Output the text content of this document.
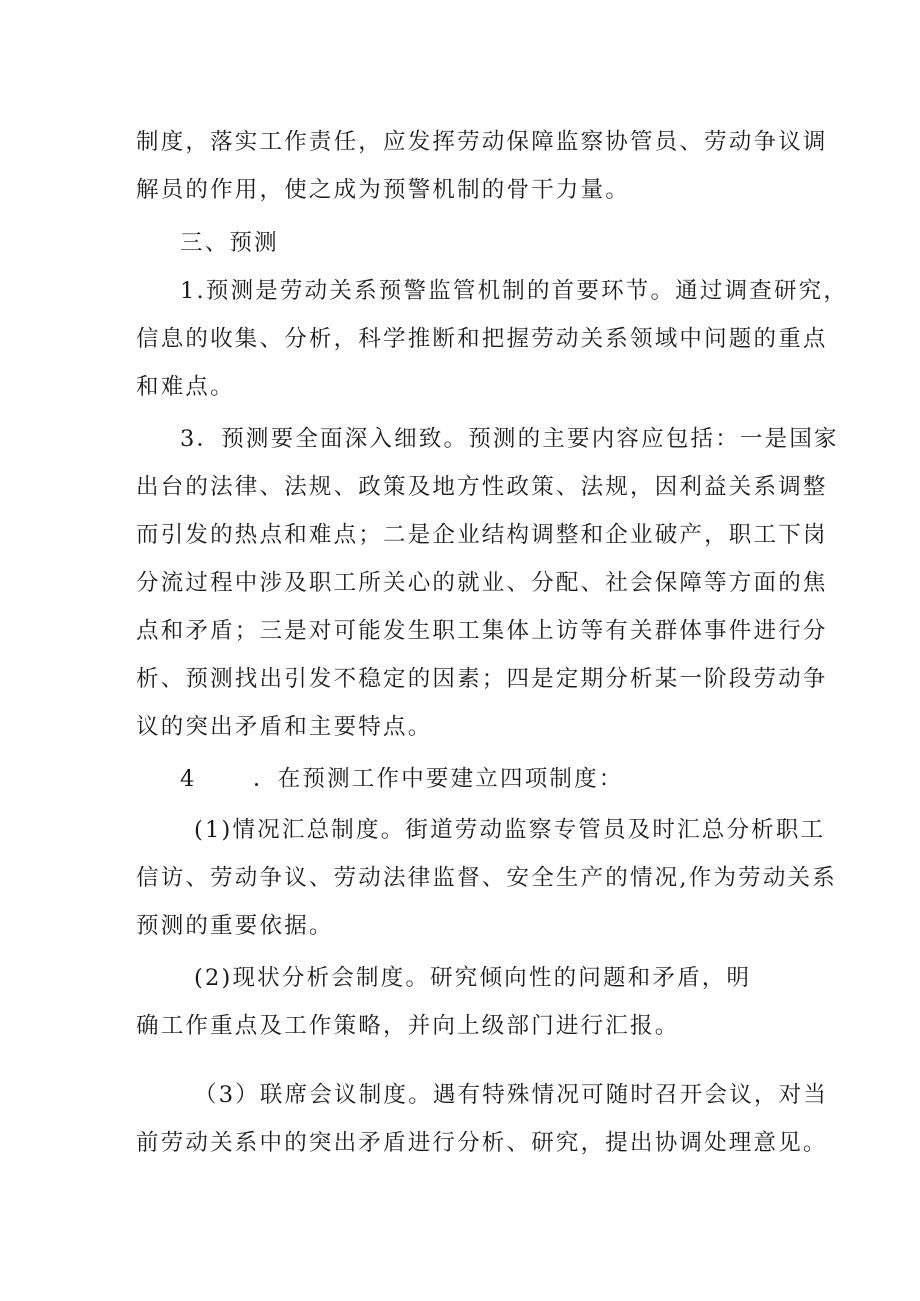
制度，落实工作责任，应发挥劳动保障监察协管员、劳动争议调

解员的作用，使之成为预警机制的骨干力量。

三、预测

1.预测是劳动关系预警监管机制的首要环节。通过调查研究，

信息的收集、分析，科学推断和把握劳动关系领域中问题的重点

和难点。

3．预测要全面深入细致。预测的主要内容应包括：一是国家

出台的法律、法规、政策及地方性政策、法规，因利益关系调整

而引发的热点和难点；二是企业结构调整和企业破产，职工下岗

分流过程中涉及职工所关心的就业、分配、社会保障等方面的焦

点和矛盾；三是对可能发生职工集体上访等有关群体事件进行分

析、预测找出引发不稳定的因素；四是定期分析某一阶段劳动争

议的突出矛盾和主要特点。

4	．在预测工作中要建立四项制度：

(1)情况汇总制度。街道劳动监察专管员及时汇总分析职工

信访、劳动争议、劳动法律监督、安全生产的情况,作为劳动关系

预测的重要依据。

(2)现状分析会制度。研究倾向性的问题和矛盾，明

确工作重点及工作策略，并向上级部门进行汇报。

（3）联席会议制度。遇有特殊情况可随时召开会议，对当

前劳动关系中的突出矛盾进行分析、研究，提出协调处理意见。
